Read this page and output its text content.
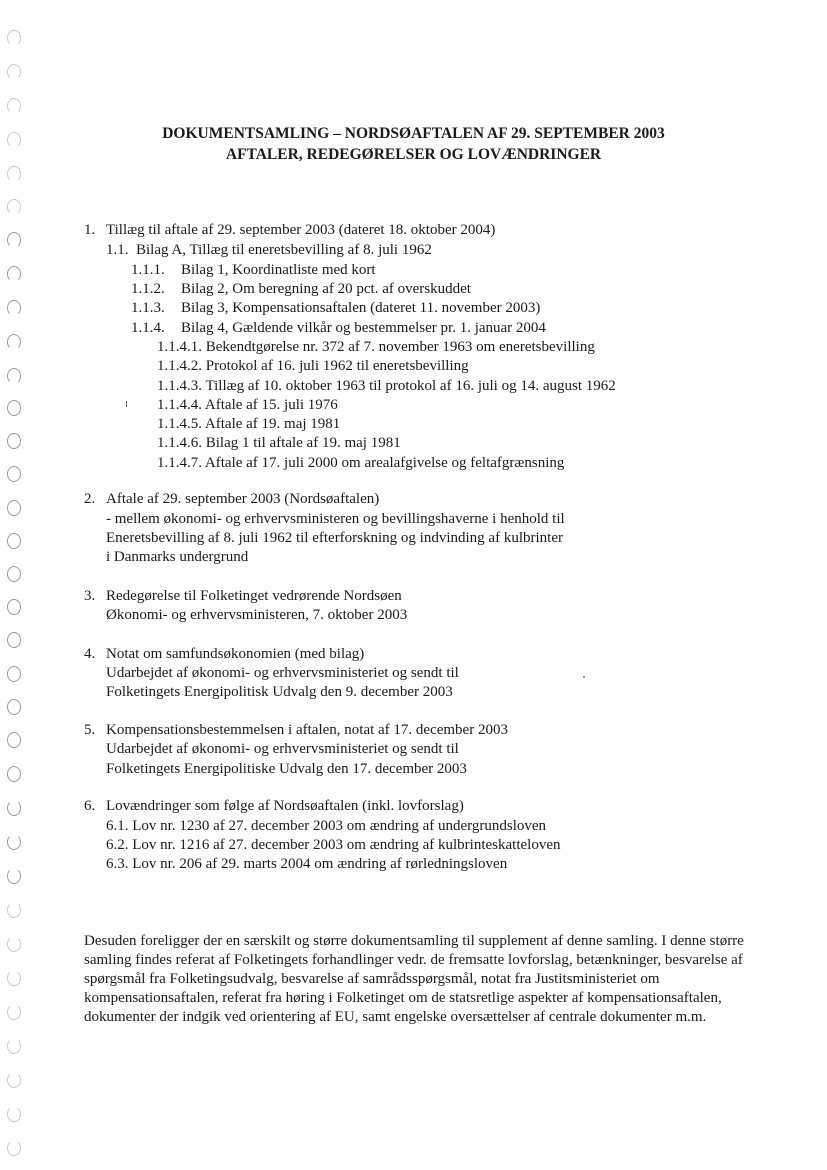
DOKUMENTSAMLING – NORDSØAFTALEN AF 29. SEPTEMBER 2003
AFTALER, REDEGØRELSER OG LOVÆNDRINGER
1. Tillæg til aftale af 29. september 2003 (dateret 18. oktober 2004)
1.1. Bilag A, Tillæg til eneretsbevilling af 8. juli 1962
1.1.1. Bilag 1, Koordinatliste med kort
1.1.2. Bilag 2, Om beregning af 20 pct. af overskuddet
1.1.3. Bilag 3, Kompensationsaftalen (dateret 11. november 2003)
1.1.4. Bilag 4, Gældende vilkår og bestemmelser pr. 1. januar 2004
1.1.4.1. Bekendtgørelse nr. 372 af 7. november 1963 om eneretsbevilling
1.1.4.2. Protokol af 16. juli 1962 til eneretsbevilling
1.1.4.3. Tillæg af 10. oktober 1963 til protokol af 16. juli og 14. august 1962
1.1.4.4. Aftale af 15. juli 1976
1.1.4.5. Aftale af 19. maj 1981
1.1.4.6. Bilag 1 til aftale af 19. maj 1981
1.1.4.7. Aftale af 17. juli 2000 om arealafgivelse og feltafgrænsning
2. Aftale af 29. september 2003 (Nordsøaftalen)
- mellem økonomi- og erhvervsministeren og bevillingshaverne i henhold til
Eneretsbevilling af 8. juli 1962 til efterforskning og indvinding af kulbrinter
i Danmarks undergrund
3. Redegørelse til Folketinget vedrørende Nordsøen
Økonomi- og erhvervsministeren, 7. oktober 2003
4. Notat om samfundsøkonomien (med bilag)
Udarbejdet af økonomi- og erhvervsministeriet og sendt til
Folketingets Energipolitisk Udvalg den 9. december 2003
5. Kompensationsbestemmelsen i aftalen, notat af 17. december 2003
Udarbejdet af økonomi- og erhvervsministeriet og sendt til
Folketingets Energipolitiske Udvalg den 17. december 2003
6. Lovændringer som følge af Nordsøaftalen (inkl. lovforslag)
6.1. Lov nr. 1230 af 27. december 2003 om ændring af undergrundsloven
6.2. Lov nr. 1216 af 27. december 2003 om ændring af kulbrinteskatteloven
6.3. Lov nr. 206 af 29. marts 2004 om ændring af rørledningsloven
Desuden foreligger der en særskilt og større dokumentsamling til supplement af denne samling. I denne større samling findes referat af Folketingets forhandlinger vedr. de fremsatte lovforslag, betænkninger, besvarelse af spørgsmål fra Folketingsudvalg, besvarelse af samrådsspørgsmål, notat fra Justitsministeriet om kompensationsaftalen, referat fra høring i Folketinget om de statsretlige aspekter af kompensationsaftalen, dokumenter der indgik ved orientering af EU, samt engelske oversættelser af centrale dokumenter m.m.
